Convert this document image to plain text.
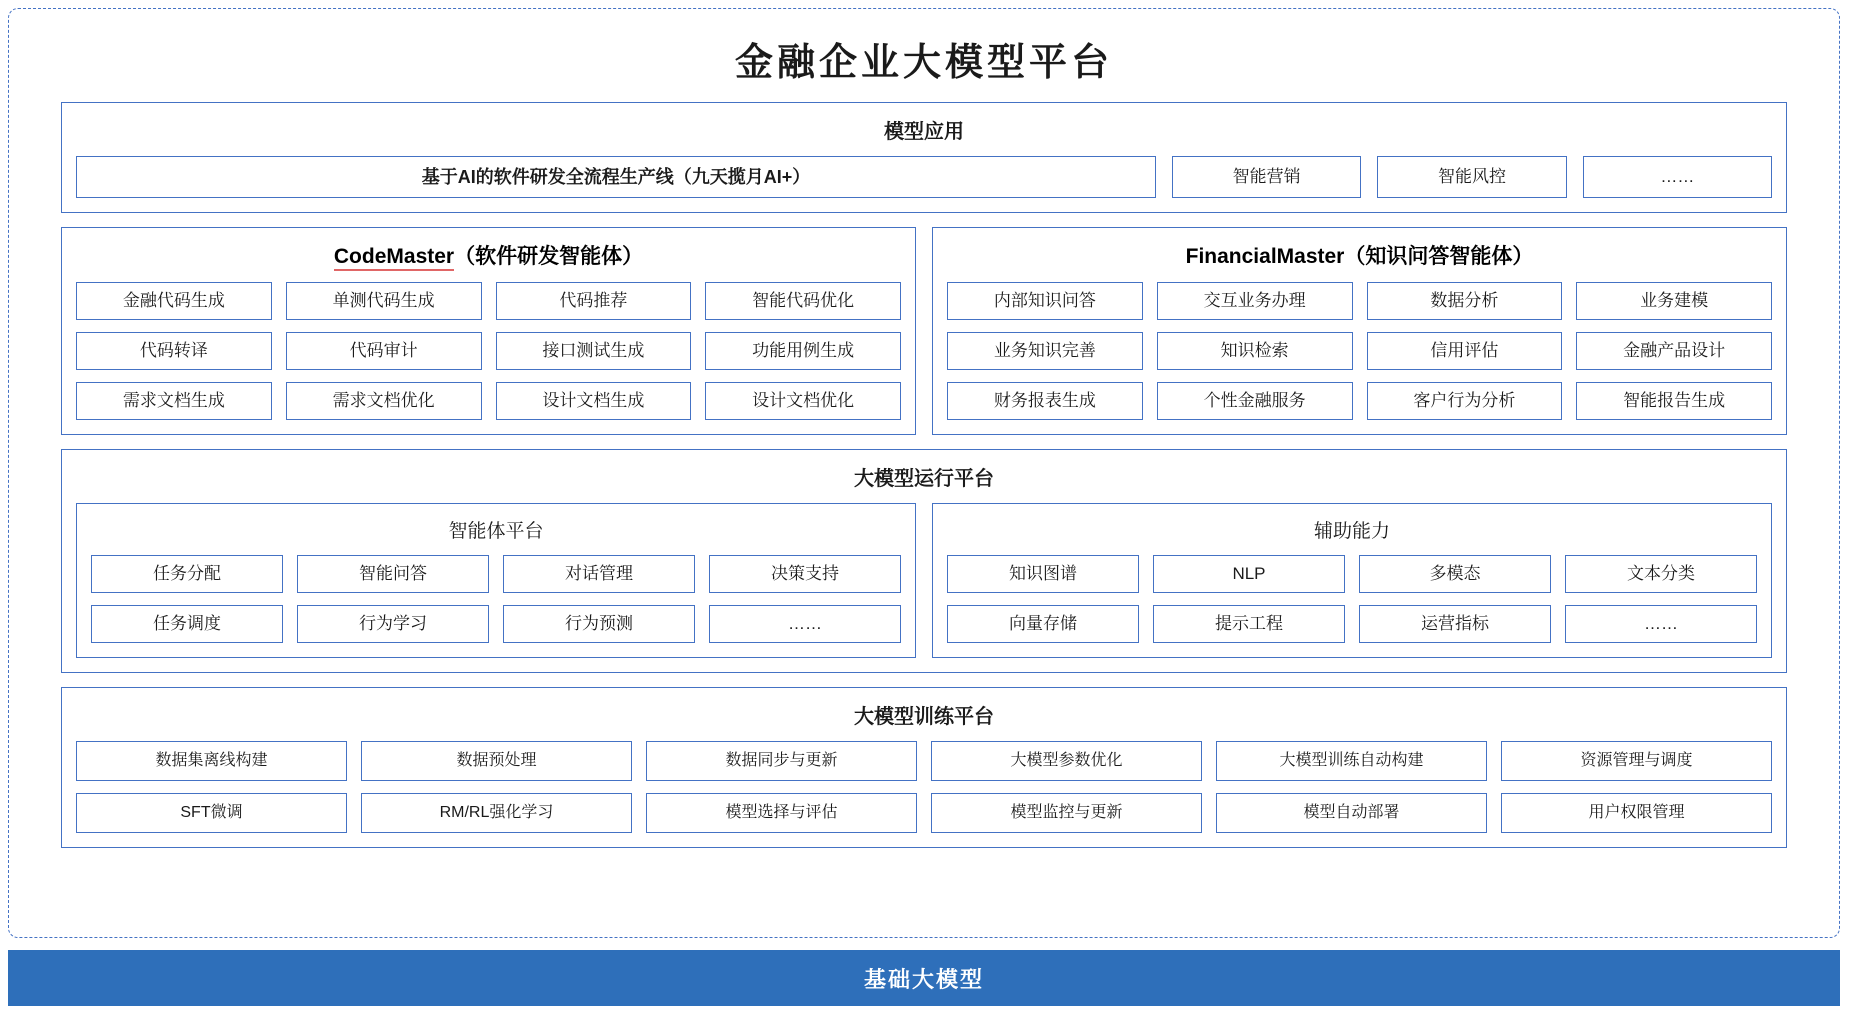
金融企业大模型平台
模型应用
基于AI的软件研发全流程生产线（九天揽月AI+）	智能营销	智能风控	……
CodeMaster（软件研发智能体）
金融代码生成	单测代码生成	代码推荐	智能代码优化
代码转译	代码审计	接口测试生成	功能用例生成
需求文档生成	需求文档优化	设计文档生成	设计文档优化
FinancialMaster（知识问答智能体）
内部知识问答	交互业务办理	数据分析	业务建模
业务知识完善	知识检索	信用评估	金融产品设计
财务报表生成	个性金融服务	客户行为分析	智能报告生成
大模型运行平台
智能体平台
任务分配	智能问答	对话管理	决策支持
任务调度	行为学习	行为预测	……
辅助能力
知识图谱	NLP	多模态	文本分类
向量存储	提示工程	运营指标	……
大模型训练平台
数据集离线构建	数据预处理	数据同步与更新	大模型参数优化	大模型训练自动构建	资源管理与调度
SFT微调	RM/RL强化学习	模型选择与评估	模型监控与更新	模型自动部署	用户权限管理
基础大模型
